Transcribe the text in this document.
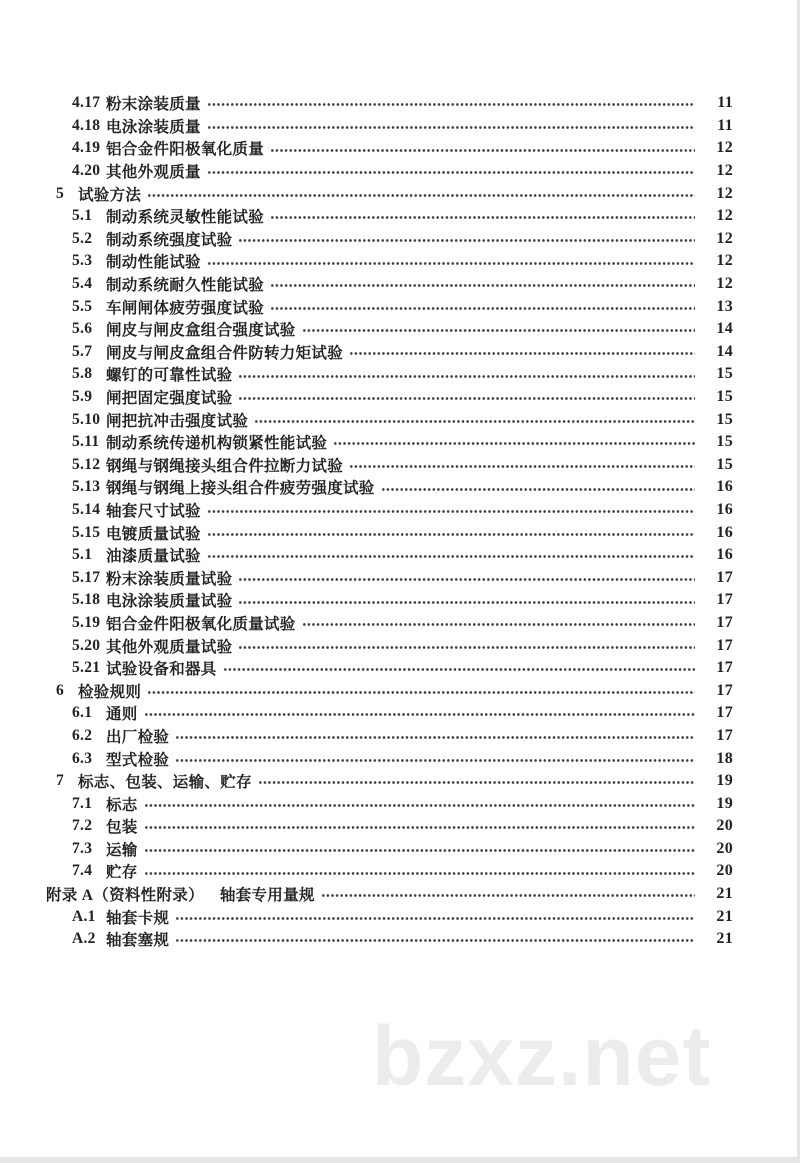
4.17 粉末涂装质量	11
4.18 电泳涂装质量	11
4.19 铝合金件阳极氧化质量	12
4.20 其他外观质量	12
5 试验方法	12
5.1 制动系统灵敏性能试验	12
5.2 制动系统强度试验	12
5.3 制动性能试验	12
5.4 制动系统耐久性能试验	12
5.5 车闸闸体疲劳强度试验	13
5.6 闸皮与闸皮盒组合强度试验	14
5.7 闸皮与闸皮盒组合件防转力矩试验	14
5.8 螺钉的可靠性试验	15
5.9 闸把固定强度试验	15
5.10 闸把抗冲击强度试验	15
5.11 制动系统传递机构锁紧性能试验	15
5.12 钢绳与钢绳接头组合件拉断力试验	15
5.13 钢绳与钢绳上接头组合件疲劳强度试验	16
5.14 轴套尺寸试验	16
5.15 电镀质量试验	16
5.1 油漆质量试验	16
5.17 粉末涂装质量试验	17
5.18 电泳涂装质量试验	17
5.19 铝合金件阳极氧化质量试验	17
5.20 其他外观质量试验	17
5.21 试验设备和器具	17
6 检验规则	17
6.1 通则	17
6.2 出厂检验	17
6.3 型式检验	18
7 标志、包装、运输、贮存	19
7.1 标志	19
7.2 包装	20
7.3 运输	20
7.4 贮存	20
附录 A（资料性附录） 轴套专用量规	21
A.1 轴套卡规	21
A.2 轴套塞规	21
bzxz.net
